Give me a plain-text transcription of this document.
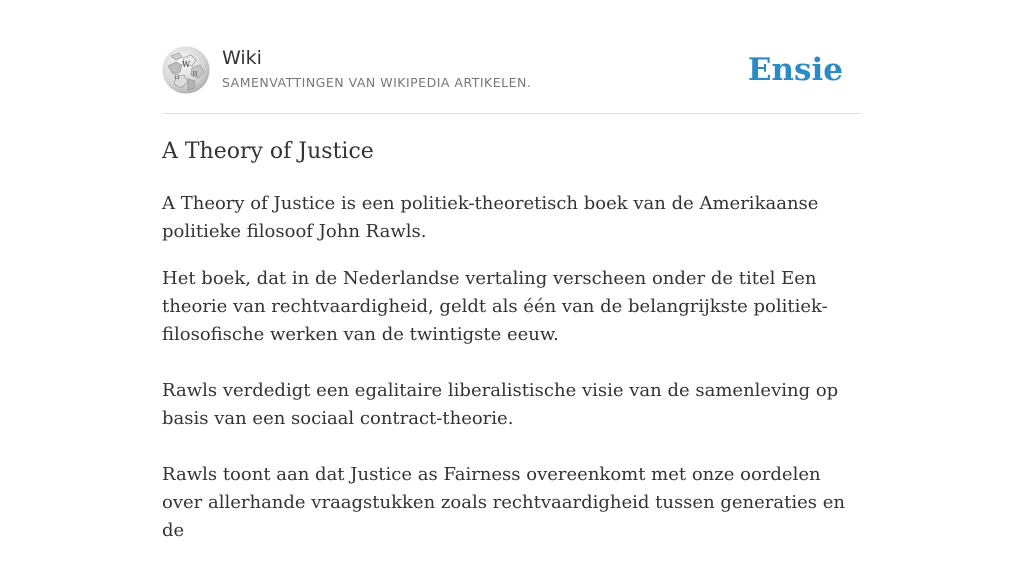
W
Ω И
Wiki
SAMENVATTINGEN VAN WIKIPEDIA ARTIKELEN.	Ensie
A Theory of Justice

A Theory of Justice is een politiek-theoretisch boek van de Amerikaanse politieke filosoof John Rawls.

Het boek, dat in de Nederlandse vertaling verscheen onder de titel Een theorie van rechtvaardigheid, geldt als één van de belangrijkste politiek-filosofische werken van de twintigste eeuw.

Rawls verdedigt een egalitaire liberalistische visie van de samenleving op basis van een sociaal contract-theorie.

Rawls toont aan dat Justice as Fairness overeenkomt met onze oordelen over allerhande vraagstukken zoals rechtvaardigheid tussen generaties en de
